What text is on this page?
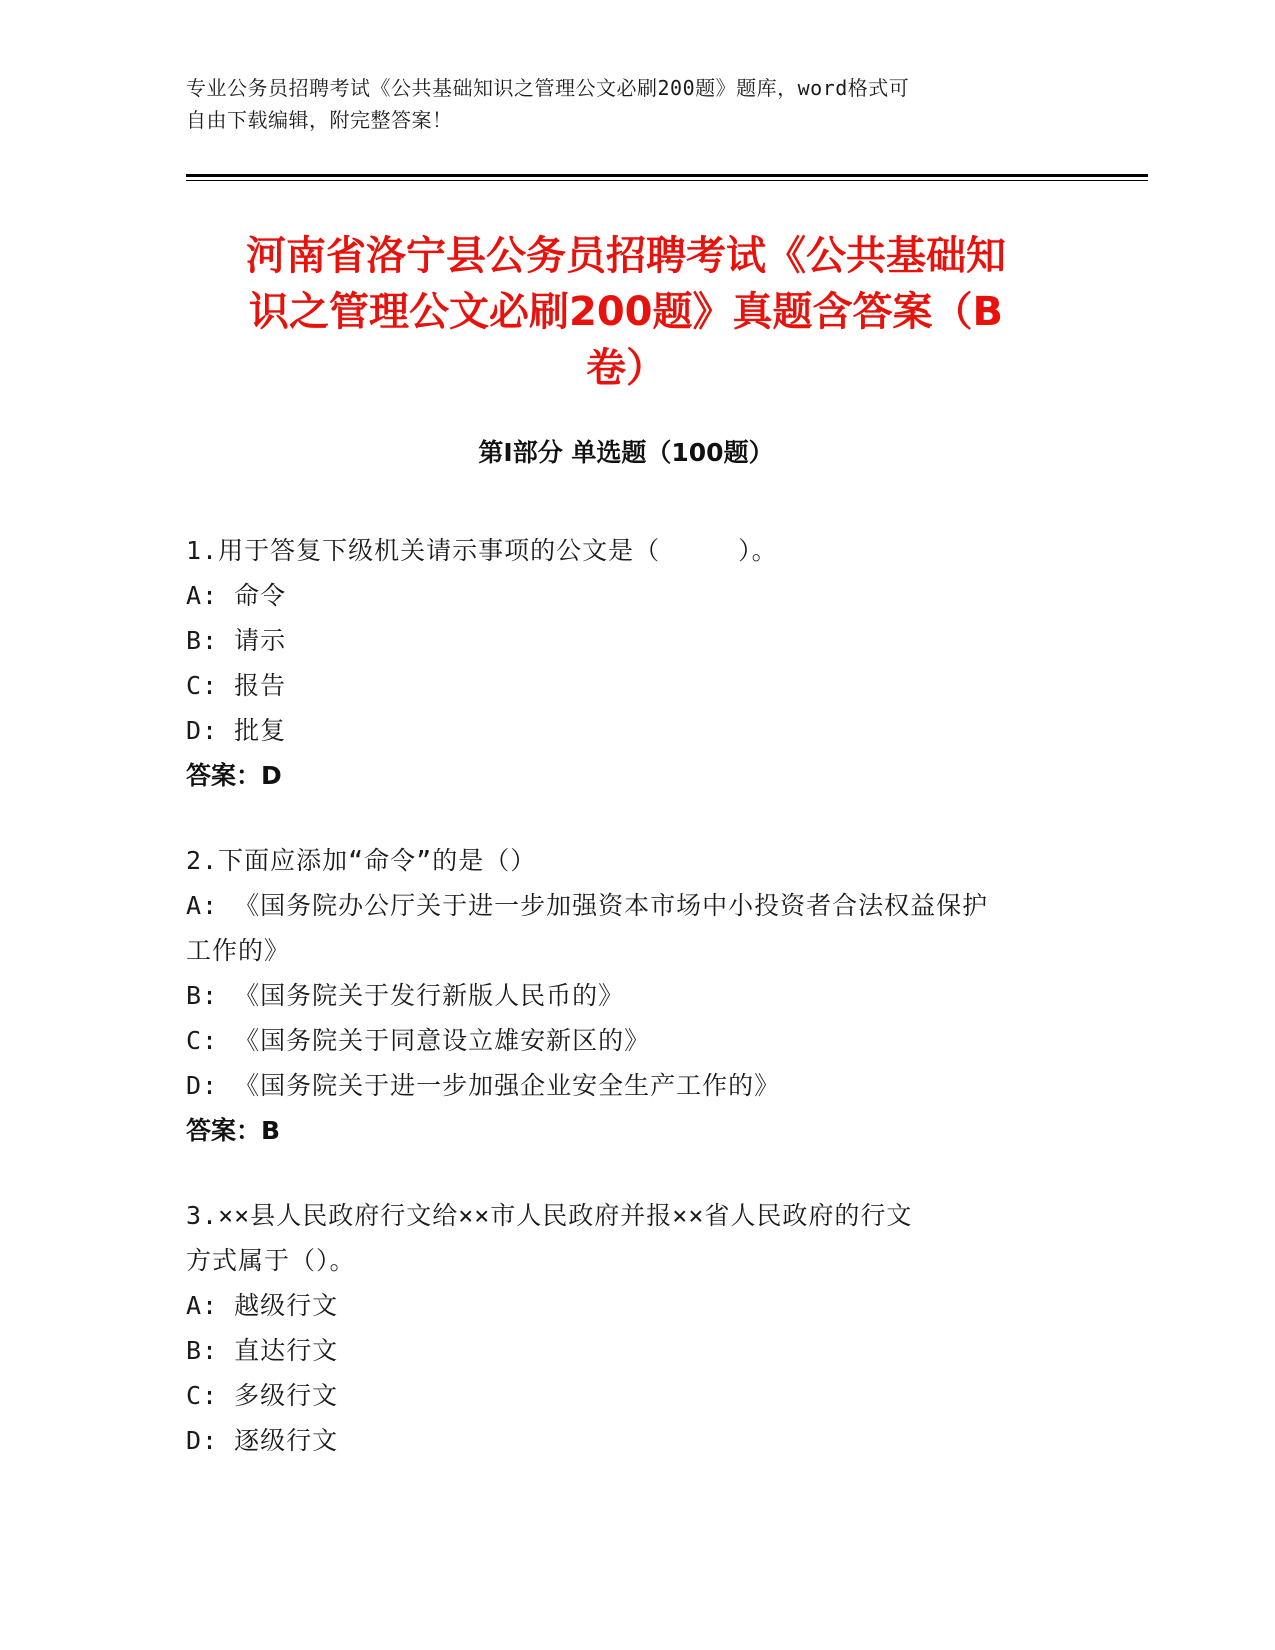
专业公务员招聘考试《公共基础知识之管理公文必刷200题》题库，word格式可
自由下载编辑，附完整答案！
河南省洛宁县公务员招聘考试《公共基础知
识之管理公文必刷200题》真题含答案（B
卷）
第Ⅰ部分 单选题（100题）

1.用于答复下级机关请示事项的公文是（　　　）。

A: 命令

B: 请示

C: 报告

D: 批复

答案：D

2.下面应添加“命令”的是（）

A: 《国务院办公厅关于进一步加强资本市场中小投资者合法权益保护

工作的》

B: 《国务院关于发行新版人民币的》

C: 《国务院关于同意设立雄安新区的》

D: 《国务院关于进一步加强企业安全生产工作的》

答案：B

3.××县人民政府行文给××市人民政府并报××省人民政府的行文

方式属于（）。

A: 越级行文

B: 直达行文

C: 多级行文

D: 逐级行文
